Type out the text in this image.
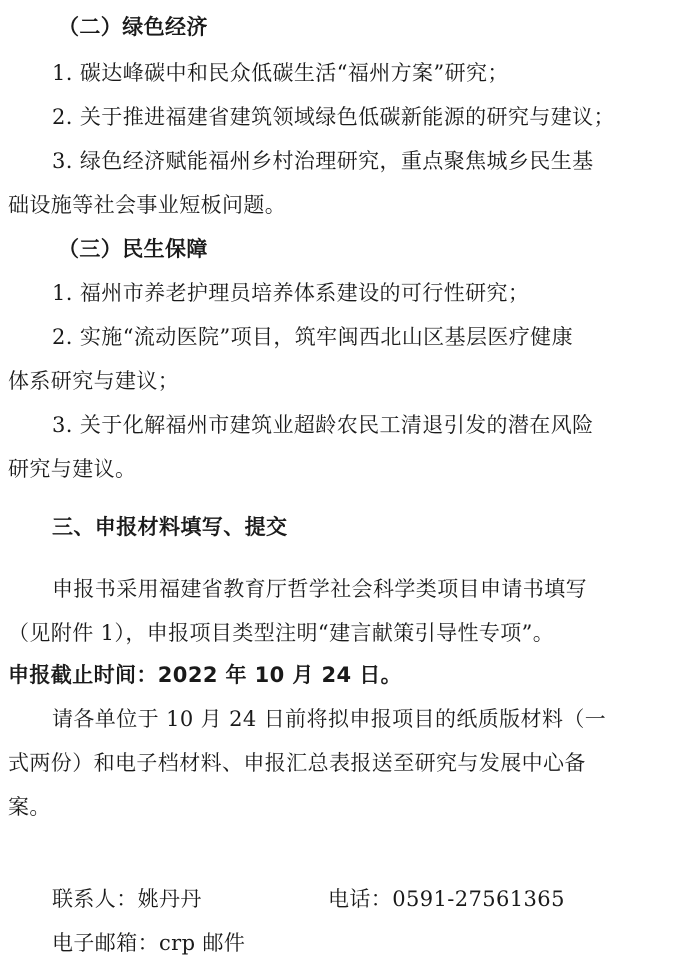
（二）绿色经济
1. 碳达峰碳中和民众低碳生活“福州方案”研究；
2. 关于推进福建省建筑领域绿色低碳新能源的研究与建议；
3. 绿色经济赋能福州乡村治理研究，重点聚焦城乡民生基
础设施等社会事业短板问题。
（三）民生保障
1. 福州市养老护理员培养体系建设的可行性研究；
2. 实施“流动医院”项目，筑牢闽西北山区基层医疗健康
体系研究与建议；
3. 关于化解福州市建筑业超龄农民工清退引发的潜在风险
研究与建议。
三、申报材料填写、提交
申报书采用福建省教育厅哲学社会科学类项目申请书填写
（见附件 1），申报项目类型注明“建言献策引导性专项”。
申报截止时间：2022 年 10 月 24 日。
请各单位于 10 月 24 日前将拟申报项目的纸质版材料（一
式两份）和电子档材料、申报汇总表报送至研究与发展中心备
案。
联系人：姚丹丹	电话：0591-27561365
电子邮箱：crp 邮件
